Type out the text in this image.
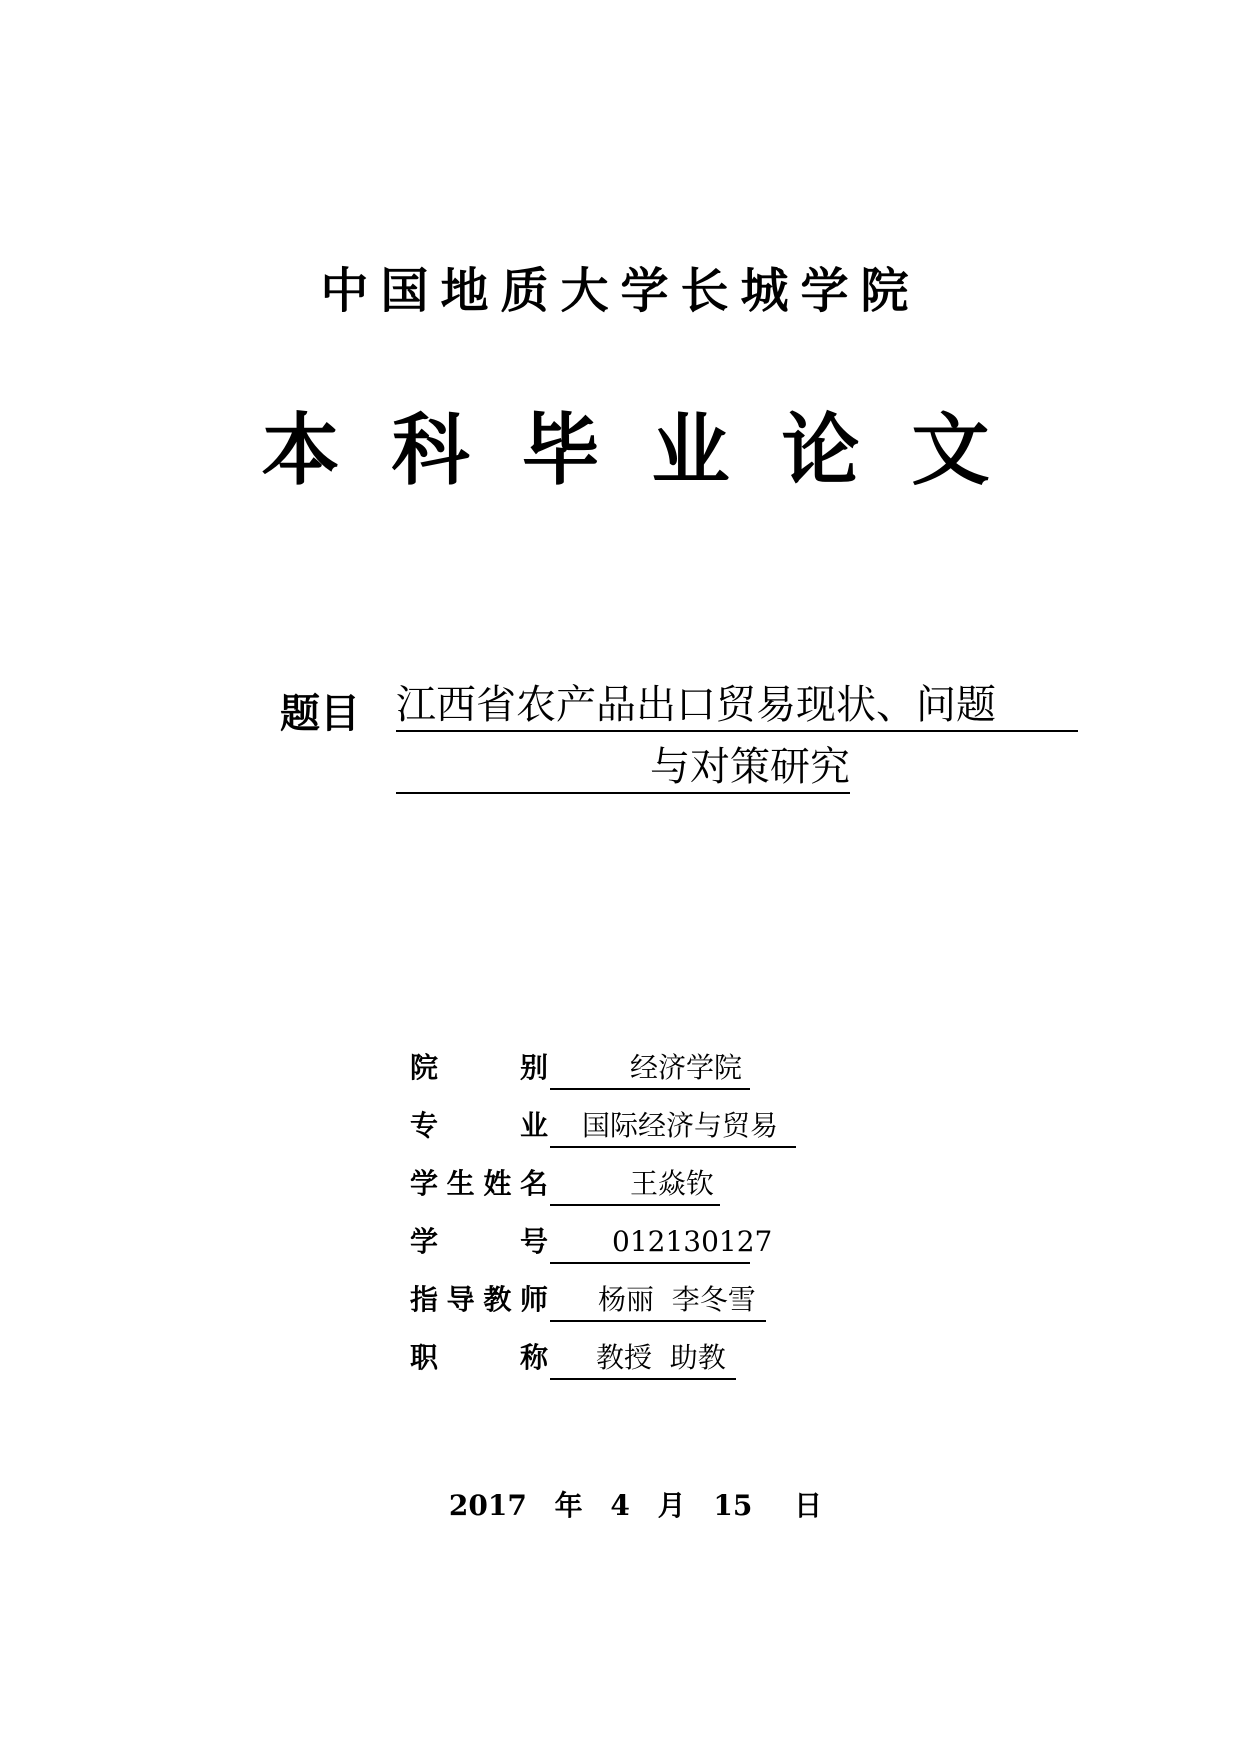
中国地质大学长城学院
本科毕业论文
题目 江西省农产品出口贸易现状、问题
与对策研究
院	别	经济学院
专	业	国际经济与贸易
学 生 姓 名	王焱钦
学	号	012130127
指 导 教 师	杨丽  李冬雪
职	称	教授  助教
2017 年 4 月 15 日
